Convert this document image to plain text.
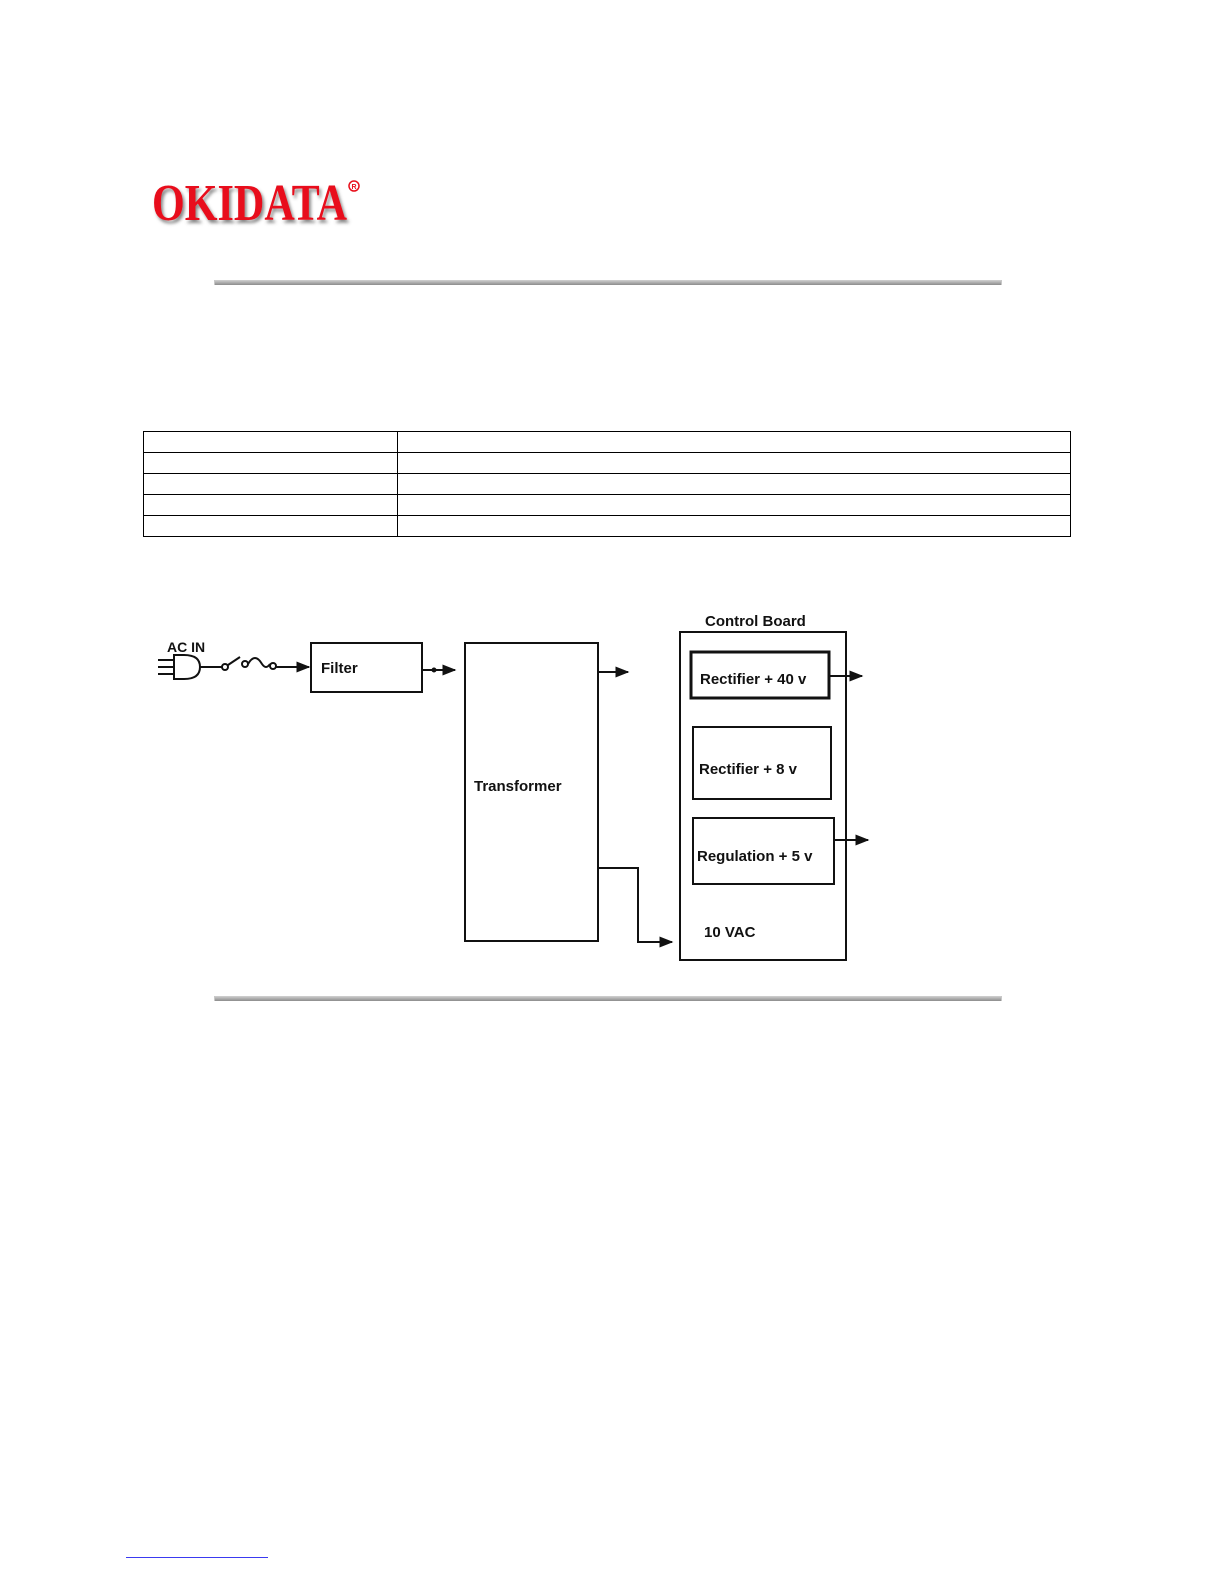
OKIDATA R

AC IN
Filter
Transformer
Control Board
Rectifier + 40 v
Rectifier + 8 v
Regulation + 5 v
10 VAC
